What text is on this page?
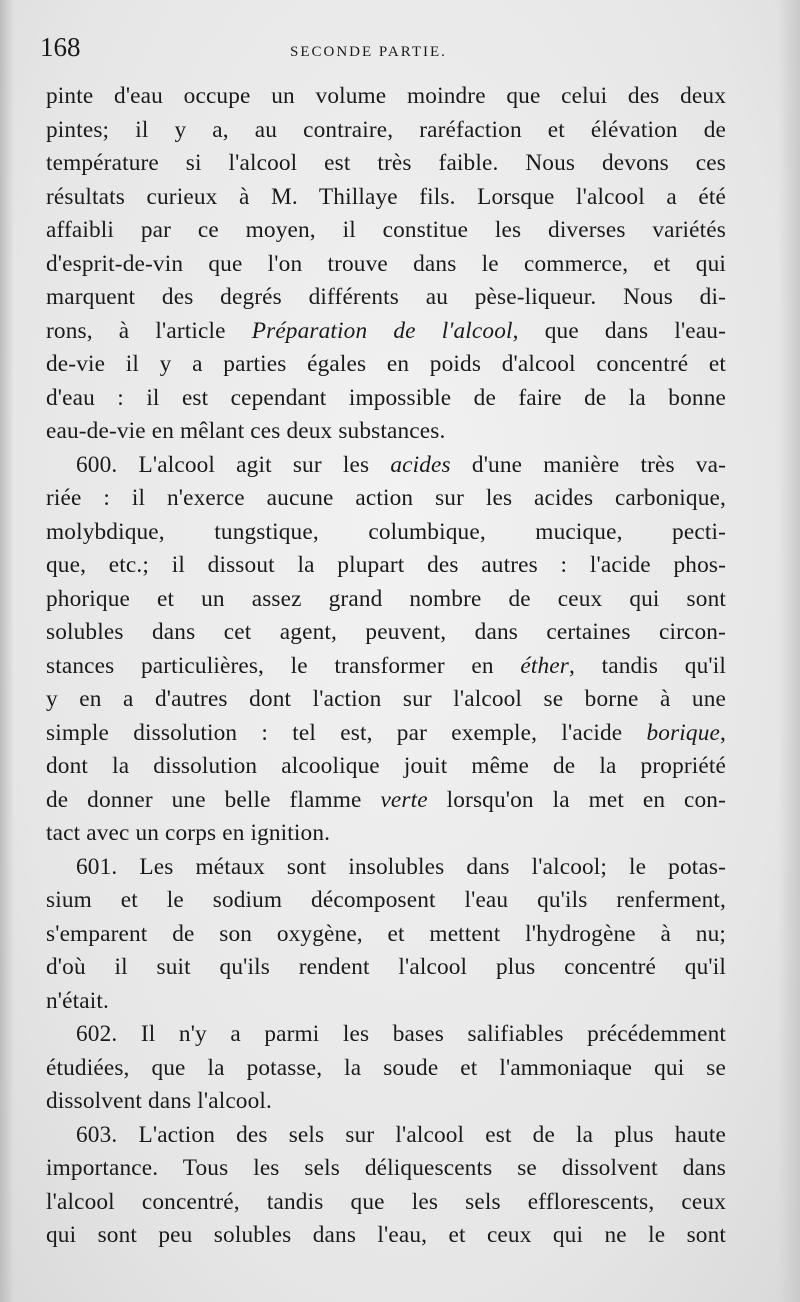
168	SECONDE PARTIE.
pinte d'eau occupe un volume moindre que celui des deux
pintes; il y a, au contraire, raréfaction et élévation de
température si l'alcool est très faible. Nous devons ces
résultats curieux à M. Thillaye fils. Lorsque l'alcool a été
affaibli par ce moyen, il constitue les diverses variétés
d'esprit-de-vin que l'on trouve dans le commerce, et qui
marquent des degrés différents au pèse-liqueur. Nous di-
rons, à l'article Préparation de l'alcool, que dans l'eau-
de-vie il y a parties égales en poids d'alcool concentré et
d'eau : il est cependant impossible de faire de la bonne
eau-de-vie en mêlant ces deux substances.
600. L'alcool agit sur les acides d'une manière très va-
riée : il n'exerce aucune action sur les acides carbonique,
molybdique, tungstique, columbique, mucique, pecti-
que, etc.; il dissout la plupart des autres : l'acide phos-
phorique et un assez grand nombre de ceux qui sont
solubles dans cet agent, peuvent, dans certaines circon-
stances particulières, le transformer en éther, tandis qu'il
y en a d'autres dont l'action sur l'alcool se borne à une
simple dissolution : tel est, par exemple, l'acide borique,
dont la dissolution alcoolique jouit même de la propriété
de donner une belle flamme verte lorsqu'on la met en con-
tact avec un corps en ignition.
601. Les métaux sont insolubles dans l'alcool; le potas-
sium et le sodium décomposent l'eau qu'ils renferment,
s'emparent de son oxygène, et mettent l'hydrogène à nu;
d'où il suit qu'ils rendent l'alcool plus concentré qu'il
n'était.
602. Il n'y a parmi les bases salifiables précédemment
étudiées, que la potasse, la soude et l'ammoniaque qui se
dissolvent dans l'alcool.
603. L'action des sels sur l'alcool est de la plus haute
importance. Tous les sels déliquescents se dissolvent dans
l'alcool concentré, tandis que les sels efflorescents, ceux
qui sont peu solubles dans l'eau, et ceux qui ne le sont
